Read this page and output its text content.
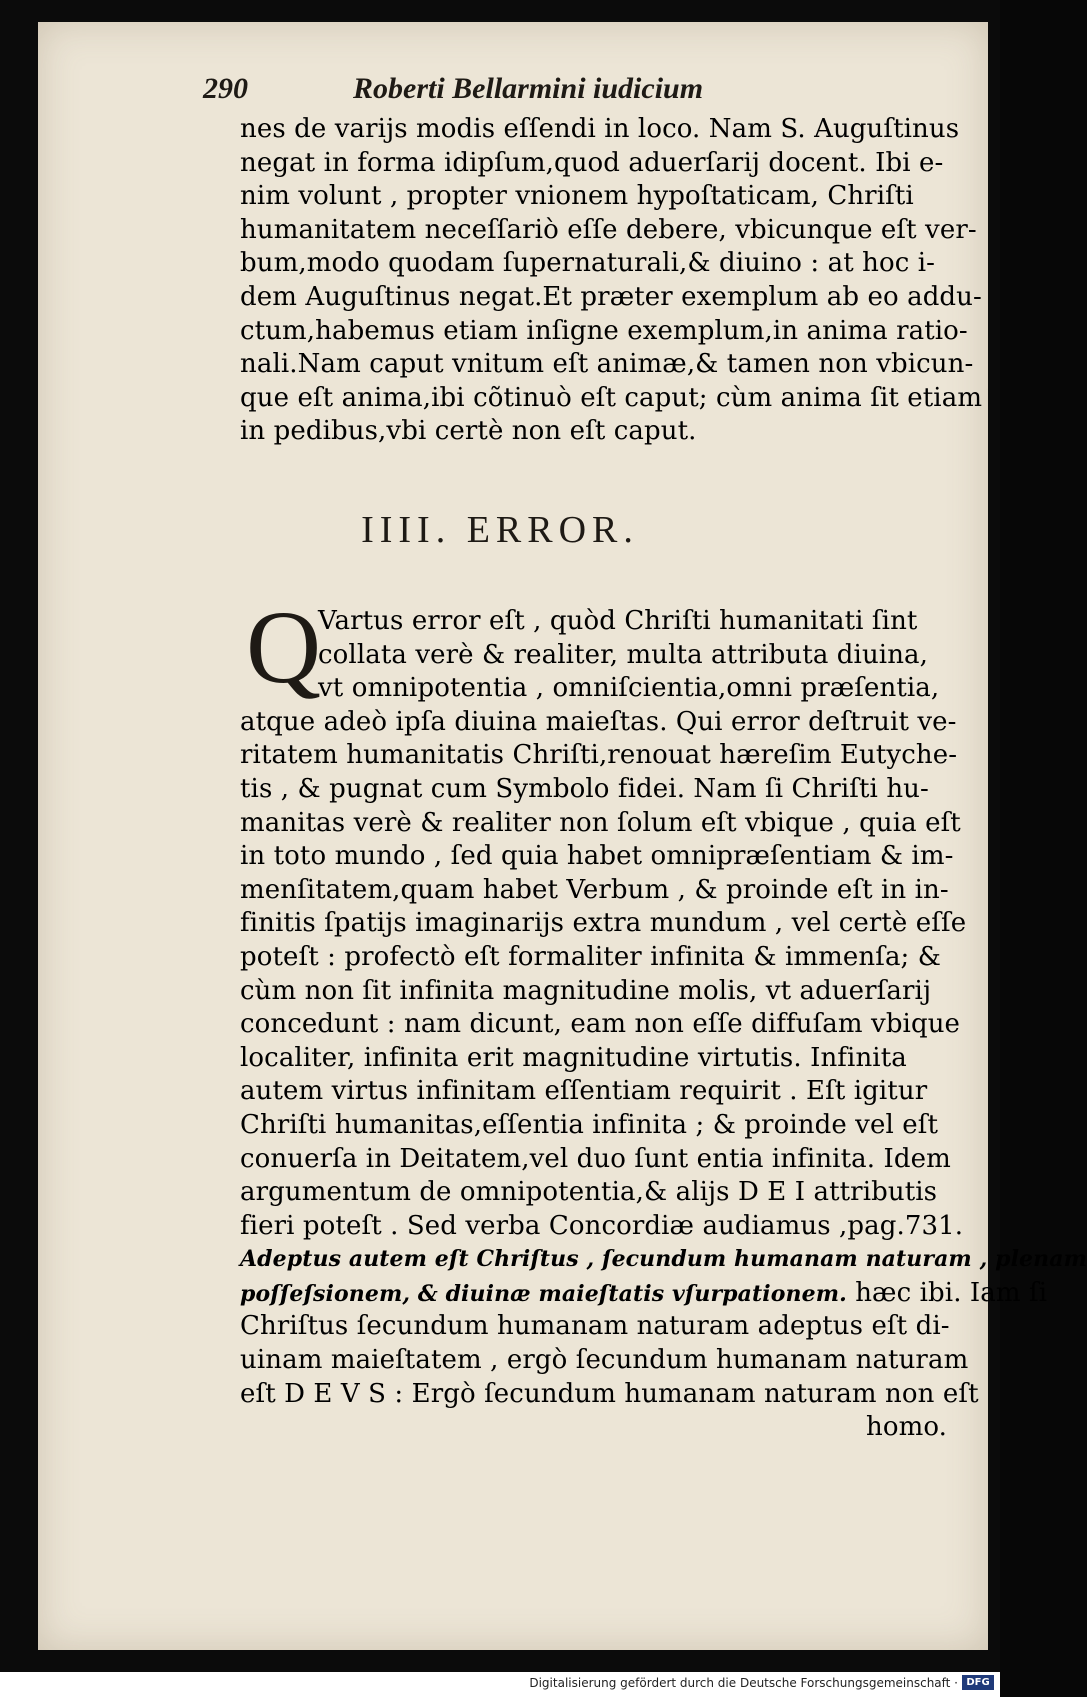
290	Roberti Bellarmini iudicium
nes de varijs modis eſſendi in loco. Nam S. Auguſtinus
negat in forma idipſum,quod aduerſarij docent. Ibi e-
nim volunt , propter vnionem hypoſtaticam, Chriſti
humanitatem neceſſariò eſſe debere, vbicunque eſt ver-
bum,modo quodam ſupernaturali,& diuino : at hoc i-
dem Auguſtinus negat.Et præter exemplum ab eo addu-
ctum,habemus etiam inſigne exemplum,in anima ratio-
nali.Nam caput vnitum eſt animæ,& tamen non vbicun-
que eſt anima,ibi cõtinuò eſt caput; cùm anima ſit etiam
in pedibus,vbi certè non eſt caput.
IIII. ERROR.
Q
Vartus error eſt , quòd Chriſti humanitati ſint
collata verè & realiter, multa attributa diuina,
vt omnipotentia , omniſcientia,omni præſentia,
atque adeò ipſa diuina maieſtas. Qui error deſtruit ve-
ritatem humanitatis Chriſti,renouat hæreſim Eutyche-
tis , & pugnat cum Symbolo fidei. Nam ſi Chriſti hu-
manitas verè & realiter non ſolum eſt vbique , quia eſt
in toto mundo , ſed quia habet omnipræſentiam & im-
menſitatem,quam habet Verbum , & proinde eſt in in-
finitis ſpatijs imaginarijs extra mundum , vel certè eſſe
poteſt : profectò eſt formaliter infinita & immenſa; &
cùm non ſit infinita magnitudine molis, vt aduerſarij
concedunt : nam dicunt, eam non eſſe diffuſam vbique
localiter, infinita erit magnitudine virtutis. Infinita
autem virtus infinitam eſſentiam requirit . Eſt igitur
Chriſti humanitas,eſſentia infinita ; & proinde vel eſt
conuerſa in Deitatem,vel duo ſunt entia infinita. Idem
argumentum de omnipotentia,& alijs D E I attributis
fieri poteſt . Sed verba Concordiæ audiamus ,pag.731.
Adeptus autem eſt Chriſtus , ſecundum humanam naturam , plenam
poſſeſsionem, & diuinæ maieſtatis vſurpationem. hæc ibi. Iam ſi
Chriſtus ſecundum humanam naturam adeptus eſt di-
uinam maieſtatem , ergò ſecundum humanam naturam
eſt D E V S : Ergò ſecundum humanam naturam non eſt
homo.
Digitalisierung gefördert durch die Deutsche Forschungsgemeinschaft · DFG
